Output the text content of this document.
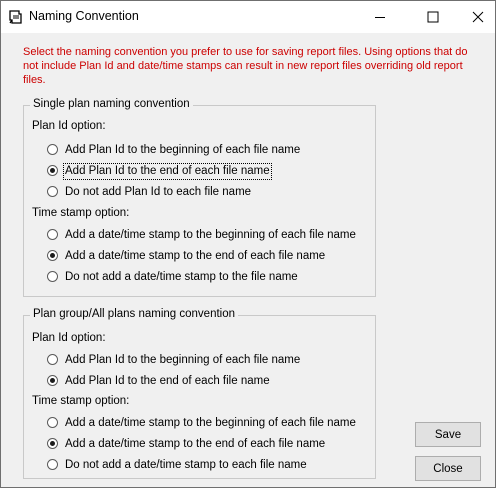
Naming Convention
Select the naming convention you prefer to use for saving report files. Using options that do not include Plan Id and date/time stamps can result in new report files overriding old report files.
Single plan naming convention
Plan Id option:
Add Plan Id to the beginning of each file name
Add Plan Id to the end of each file name
Do not add Plan Id to each file name
Time stamp option:
Add a date/time stamp to the beginning of each file name
Add a date/time stamp to the end of each file name
Do not add a date/time stamp to the file name
Plan group/All plans naming convention
Plan Id option:
Add Plan Id to the beginning of each file name
Add Plan Id to the end of each file name
Time stamp option:
Add a date/time stamp to the beginning of each file name
Add a date/time stamp to the end of each file name
Do not add a date/time stamp to each file name
Save
Close
